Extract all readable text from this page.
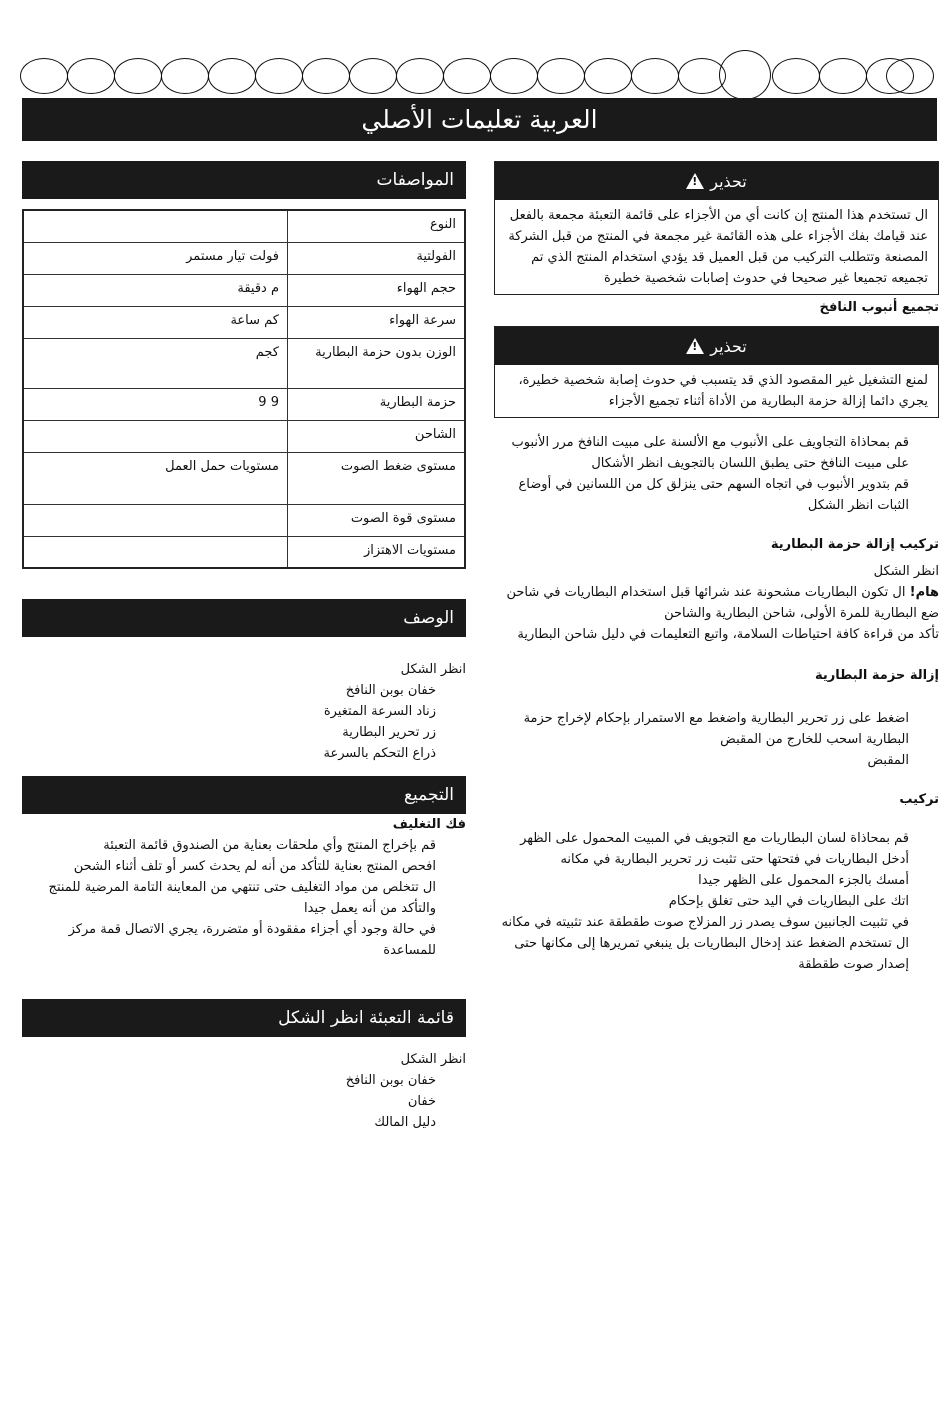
العربية تعليمات الأصلي
المواصفات
النوع	
الفولتية	فولت تيار مستمر
حجم الهواء	م دقيقة
سرعة الهواء	كم ساعة
الوزن بدون حزمة البطارية	كجم
حزمة البطارية	9 9
الشاحن	
مستوى ضغط الصوت	مستويات حمل العمل
مستوى قوة الصوت	
مستويات الاهتزاز	
الوصف

انظر الشكل

خفان بوبن النافخ

زناد السرعة المتغيرة

زر تحرير البطارية

ذراع التحكم بالسرعة

التجميع

فك التغليف

قم بإخراج المنتج وأي ملحقات بعناية من الصندوق قائمة التعبئة

افحص المنتج بعناية للتأكد من أنه لم يحدث كسر أو تلف أثناء الشحن

ال تتخلص من مواد التغليف حتى تنتهي من المعاينة التامة المرضية للمنتج والتأكد من أنه يعمل جيدا

في حالة وجود أي أجزاء مفقودة أو متضررة، يجري الاتصال قمة مركز للمساعدة

قائمة التعبئة انظر الشكل

انظر الشكل

خفان بوبن النافخ

خفان

دليل المالك

تحذير
!
ال تستخدم هذا المنتج إن كانت أي من الأجزاء على قائمة التعبئة مجمعة بالفعل عند قيامك بفك الأجزاء على هذه القائمة غير مجمعة في المنتج من قبل الشركة المصنعة وتتطلب التركيب من قبل العميل قد يؤدي استخدام المنتج الذي تم تجميعه تجميعا غير صحيحا في حدوث إصابات شخصية خطيرة

تجميع أنبوب النافخ

تحذير
!
لمنع التشغيل غير المقصود الذي قد يتسبب في حدوث إصابة شخصية خطيرة، يجري دائما إزالة حزمة البطارية من الأداة أثناء تجميع الأجزاء

قم بمحاذاة التجاويف على الأنبوب مع الألسنة على مبيت النافخ مرر الأنبوب على مبيت النافخ حتى يطبق اللسان بالتجويف انظر الأشكال

قم بتدوير الأنبوب في اتجاه السهم حتى ينزلق كل من اللسانين في أوضاع الثبات انظر الشكل

تركيب إزالة حزمة البطارية

انظر الشكل

هام! ال تكون البطاريات مشحونة عند شرائها قبل استخدام البطاريات في شاحن ضع البطارية للمرة الأولى، شاحن البطارية والشاحن

تأكد من قراءة كافة احتياطات السلامة، واتبع التعليمات في دليل شاحن البطارية

إزالة حزمة البطارية

اضغط على زر تحرير البطارية واضغط مع الاستمرار بإحكام لإخراج حزمة البطارية اسحب للخارج من المقبض

المقبض

تركيب

قم بمحاذاة لسان البطاريات مع التجويف في المبيت المحمول على الظهر

أدخل البطاريات في فتحتها حتى تثبت زر تحرير البطارية في مكانه

أمسك بالجزء المحمول على الظهر جيدا

اتك على البطاريات في اليد حتى تغلق بإحكام

في تثبيت الجانبين سوف يصدر زر المزلاج صوت طقطقة عند تثبيته في مكانه

ال تستخدم الضغط عند إدخال البطاريات بل ينبغي تمريرها إلى مكانها حتى إصدار صوت طقطقة
